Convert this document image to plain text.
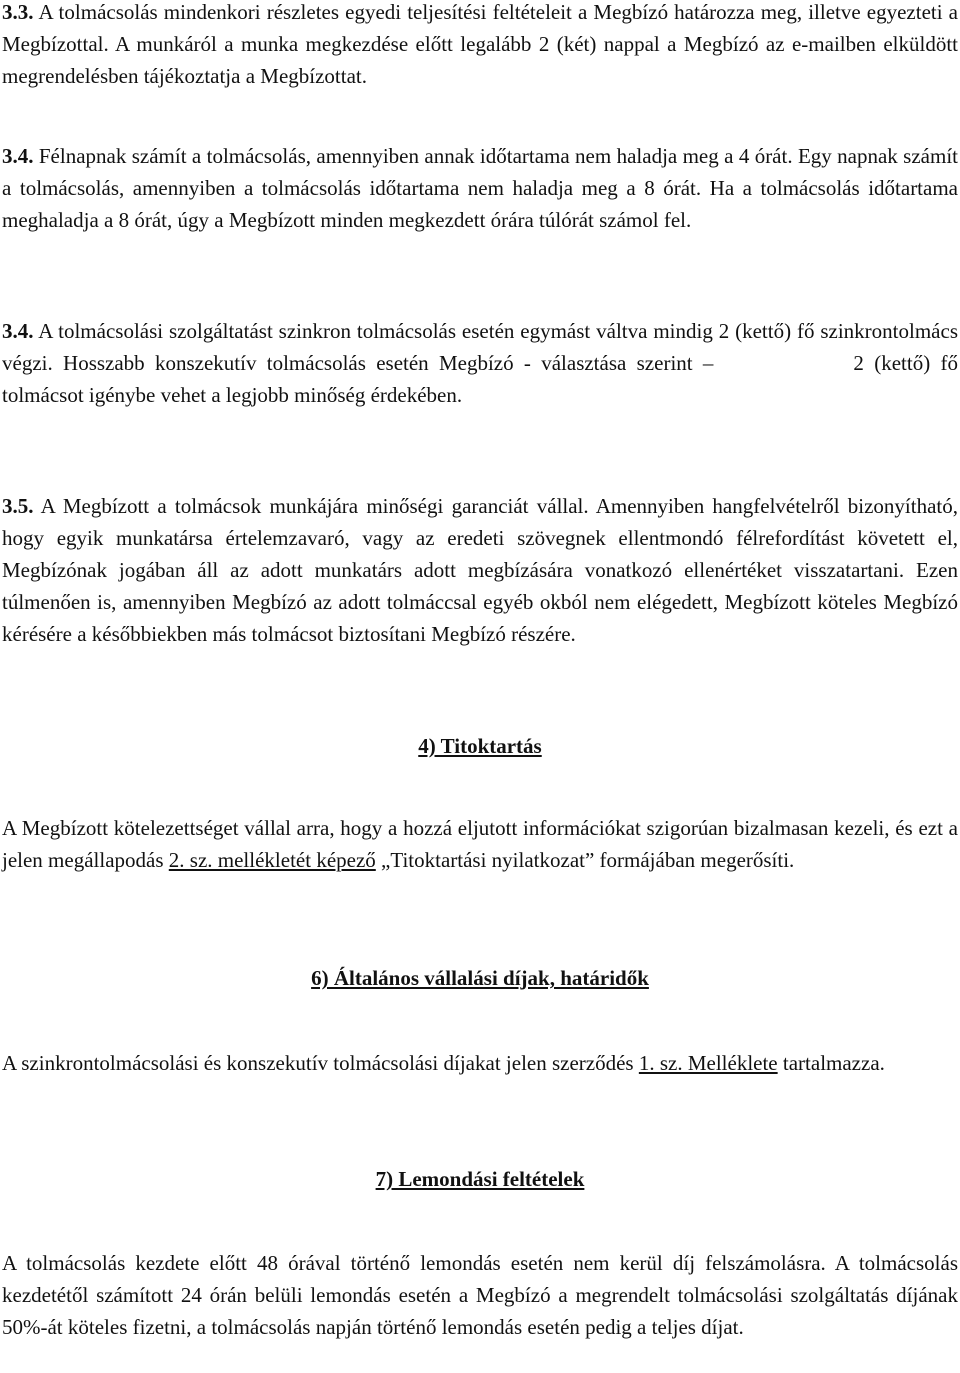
3.3. A tolmácsolás mindenkori részletes egyedi teljesítési feltételeit a Megbízó határozza meg, illetve egyezteti a Megbízottal. A munkáról a munka megkezdése előtt legalább 2 (két) nappal a Megbízó az e-mailben elküldött megrendelésben tájékoztatja a Megbízottat.

3.4. Félnapnak számít a tolmácsolás, amennyiben annak időtartama nem haladja meg a 4 órát. Egy napnak számít a tolmácsolás, amennyiben a tolmácsolás időtartama nem haladja meg a 8 órát. Ha a tolmácsolás időtartama meghaladja a 8 órát, úgy a Megbízott minden megkezdett órára túlórát számol fel.

3.4. A tolmácsolási szolgáltatást szinkron tolmácsolás esetén egymást váltva mindig 2 (kettő) fő szinkrontolmács végzi. Hosszabb konszekutív tolmácsolás esetén Megbízó - választása szerint –	2 (kettő) fő tolmácsot igénybe vehet a legjobb minőség érdekében.

3.5. A Megbízott a tolmácsok munkájára minőségi garanciát vállal. Amennyiben hangfelvételről bizonyítható, hogy egyik munkatársa értelemzavaró, vagy az eredeti szövegnek ellentmondó félrefordítást követett el, Megbízónak jogában áll az adott munkatárs adott megbízására vonatkozó ellenértéket visszatartani. Ezen túlmenően is, amennyiben Megbízó az adott tolmáccsal egyéb okból nem elégedett, Megbízott köteles Megbízó kérésére a későbbiekben más tolmácsot biztosítani Megbízó részére.

4) Titoktartás

A Megbízott kötelezettséget vállal arra, hogy a hozzá eljutott információkat szigorúan bizalmasan kezeli, és ezt a jelen megállapodás 2. sz. mellékletét képező „Titoktartási nyilatkozat” formájában megerősíti.

6) Általános vállalási díjak, határidők

A szinkrontolmácsolási és konszekutív tolmácsolási díjakat jelen szerződés 1. sz. Melléklete tartalmazza.

7) Lemondási feltételek

A tolmácsolás kezdete előtt 48 órával történő lemondás esetén nem kerül díj felszámolásra. A tolmácsolás kezdetétől számított 24 órán belüli lemondás esetén a Megbízó a megrendelt tolmácsolási szolgáltatás díjának 50%-át köteles fizetni, a tolmácsolás napján történő lemondás esetén pedig a teljes díjat.
